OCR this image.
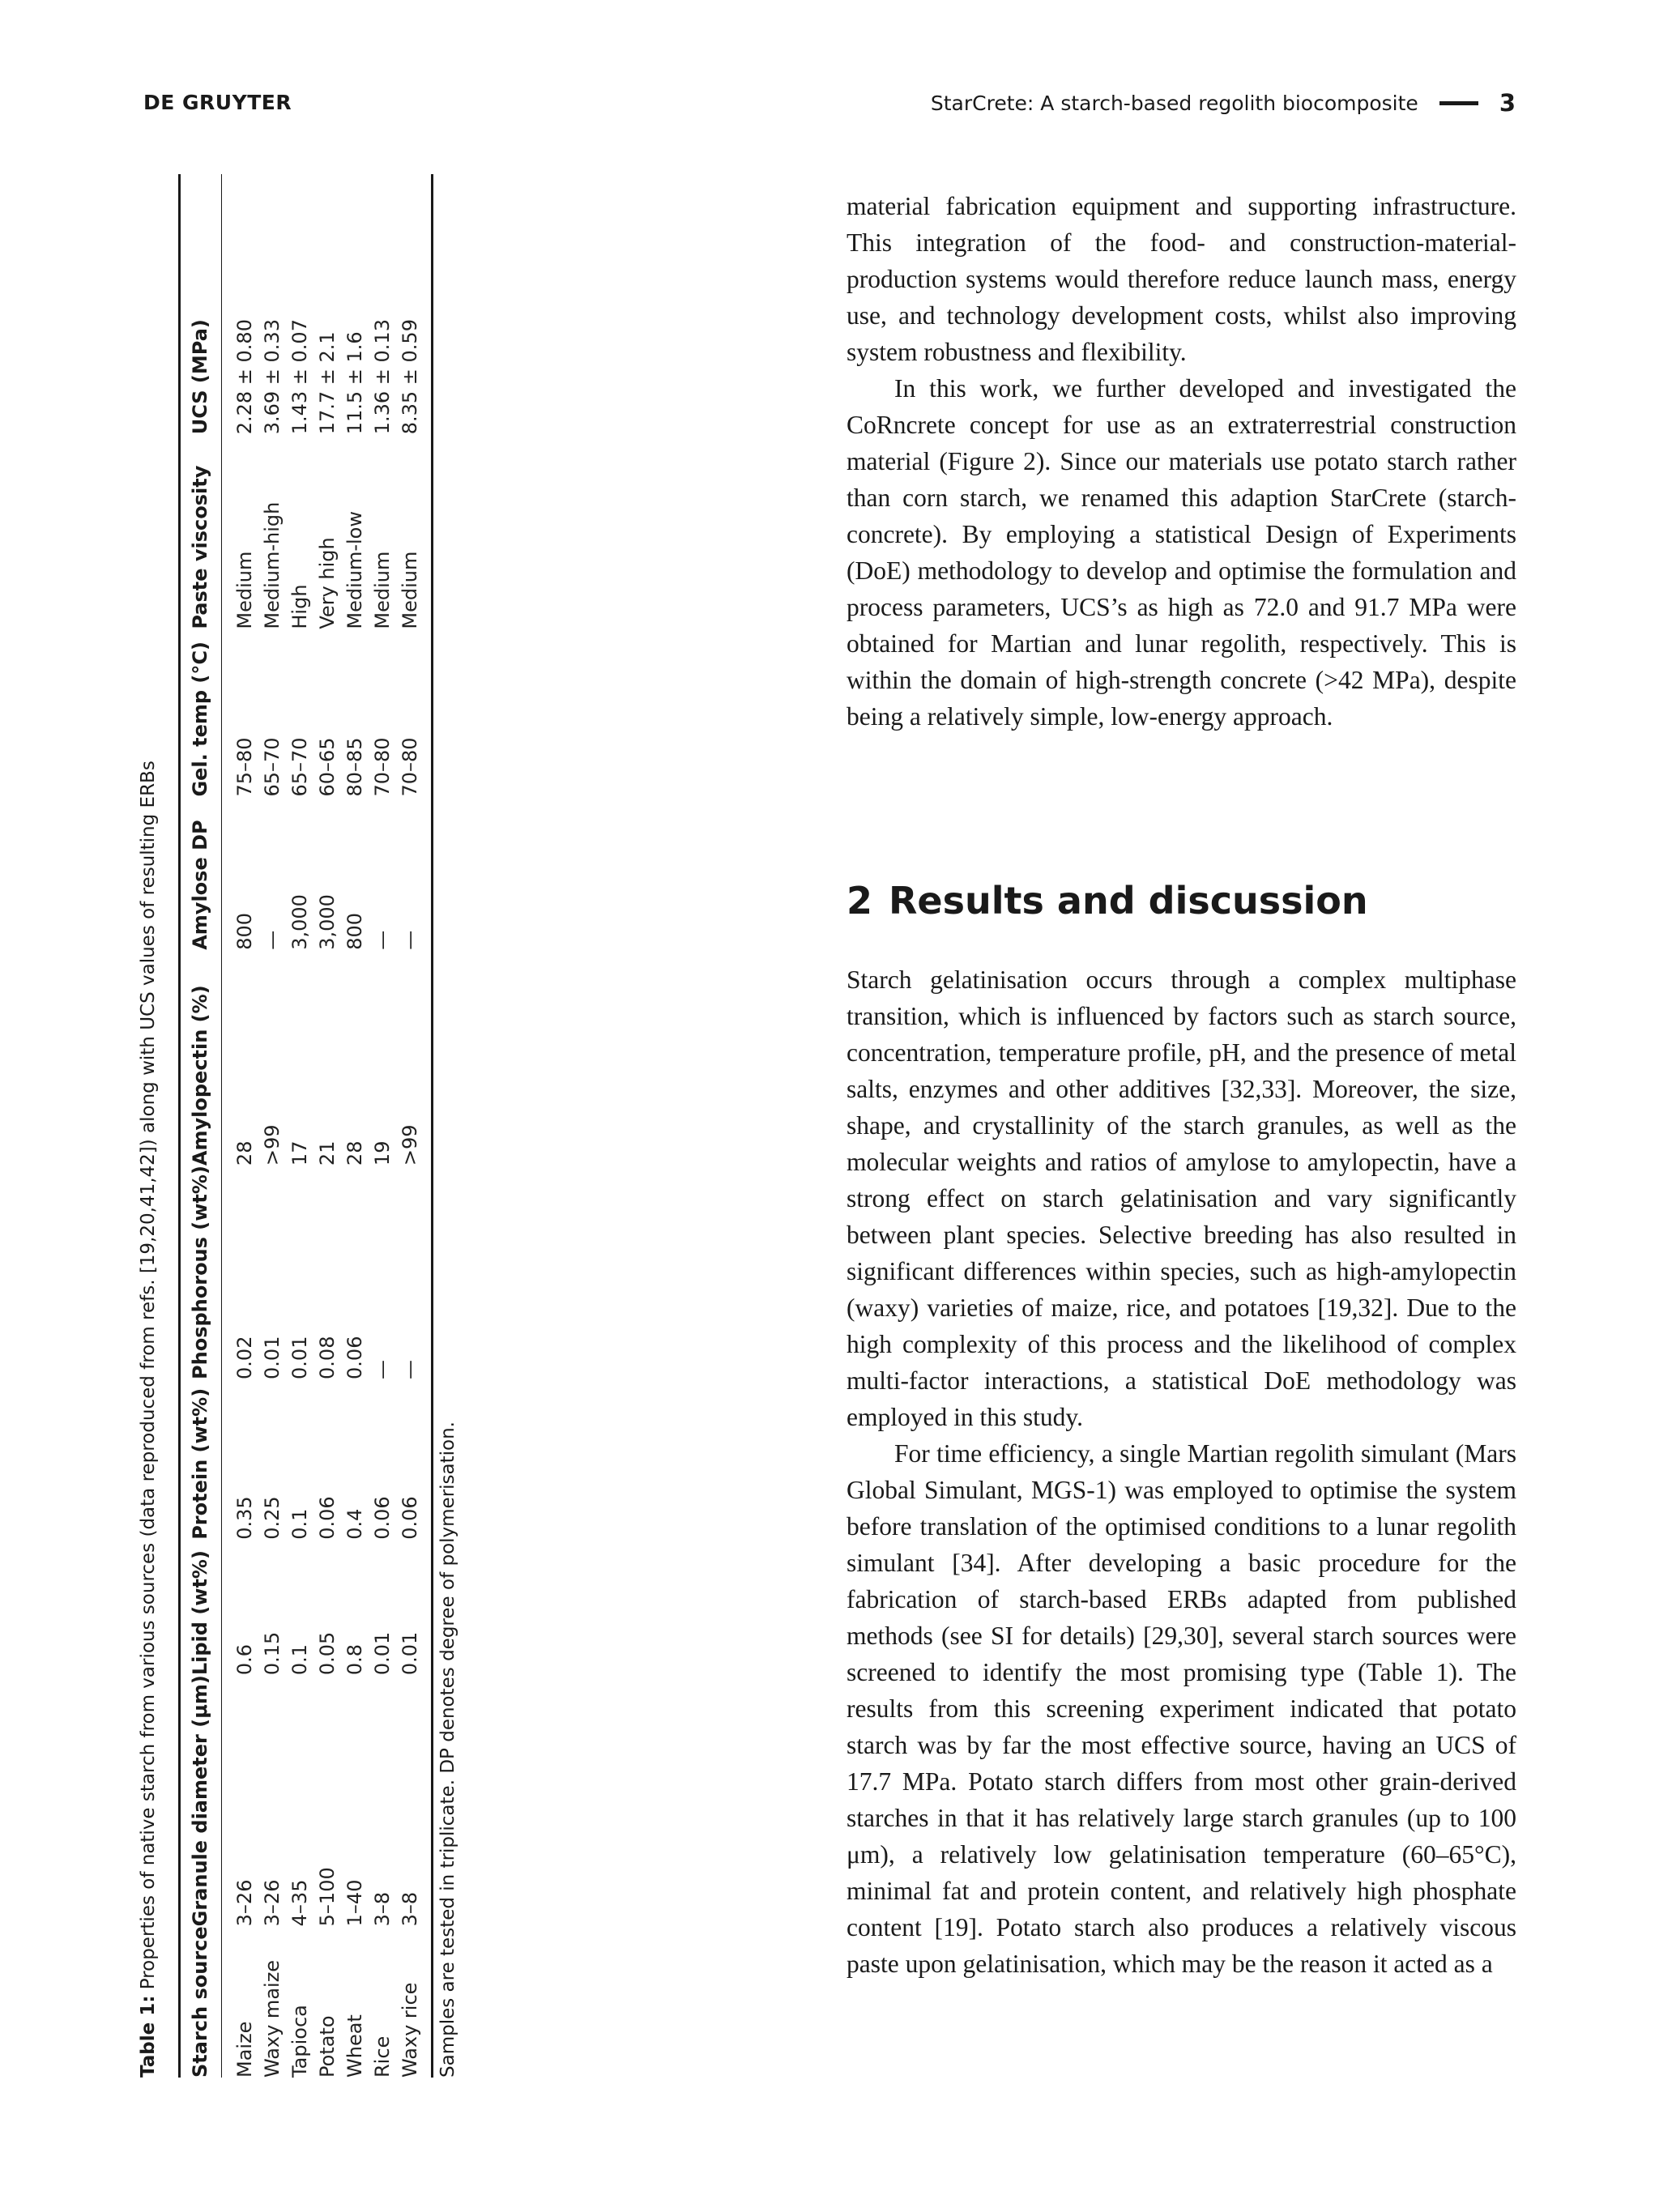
DE GRUYTER	StarCrete: A starch-based regolith biocomposite	3
Table 1: Properties of native starch from various sources (data reproduced from refs. [19,20,41,42]) along with UCS values of resulting ERBs
Starch source	Granule diameter (μm)	Lipid (wt%)	Protein (wt%)	Phosphorous (wt%)	Amylopectin (%)	Amylose DP	Gel. temp (°C)	Paste viscosity	UCS (MPa)
Maize	3–26	0.6	0.35	0.02	28	800	75–80	Medium	2.28 ± 0.80
Waxy maize	3–26	0.15	0.25	0.01	>99	—	65–70	Medium-high	3.69 ± 0.33
Tapioca	4–35	0.1	0.1	0.01	17	3,000	65–70	High	1.43 ± 0.07
Potato	5–100	0.05	0.06	0.08	21	3,000	60–65	Very high	17.7 ± 2.1
Wheat	1–40	0.8	0.4	0.06	28	800	80–85	Medium-low	11.5 ± 1.6
Rice	3–8	0.01	0.06	—	19	—	70–80	Medium	1.36 ± 0.13
Waxy rice	3–8	0.01	0.06	—	>99	—	70–80	Medium	8.35 ± 0.59
Samples are tested in triplicate. DP denotes degree of polymerisation.

material fabrication equipment and supporting infrastructure. This integration of the food- and construction-material-production systems would therefore reduce launch mass, energy use, and technology development costs, whilst also improving system robustness and flexibility.

In this work, we further developed and investigated the CoRncrete concept for use as an extraterrestrial construction material (Figure 2). Since our materials use potato starch rather than corn starch, we renamed this adaption StarCrete (starch-concrete). By employing a statistical Design of Experiments (DoE) methodology to develop and optimise the formulation and process parameters, UCS’s as high as 72.0 and 91.7 MPa were obtained for Martian and lunar regolith, respectively. This is within the domain of high-strength concrete (>42 MPa), despite being a relatively simple, low-energy approach.

2 Results and discussion

Starch gelatinisation occurs through a complex multiphase transition, which is influenced by factors such as starch source, concentration, temperature profile, pH, and the presence of metal salts, enzymes and other additives [32,33]. Moreover, the size, shape, and crystallinity of the starch granules, as well as the molecular weights and ratios of amylose to amylopectin, have a strong effect on starch gelatinisation and vary significantly between plant species. Selective breeding has also resulted in significant differences within species, such as high-amylopectin (waxy) varieties of maize, rice, and potatoes [19,32]. Due to the high complexity of this process and the likelihood of complex multi-factor interactions, a statistical DoE methodology was employed in this study.

For time efficiency, a single Martian regolith simulant (Mars Global Simulant, MGS-1) was employed to optimise the system before translation of the optimised conditions to a lunar regolith simulant [34]. After developing a basic procedure for the fabrication of starch-based ERBs adapted from published methods (see SI for details) [29,30], several starch sources were screened to identify the most promising type (Table 1). The results from this screening experiment indicated that potato starch was by far the most effective source, having an UCS of 17.7 MPa. Potato starch differs from most other grain-derived starches in that it has relatively large starch granules (up to 100 μm), a relatively low gelatinisation temperature (60–65°C), minimal fat and protein content, and relatively high phosphate content [19]. Potato starch also produces a relatively viscous paste upon gelatinisation, which may be the reason it acted as a
